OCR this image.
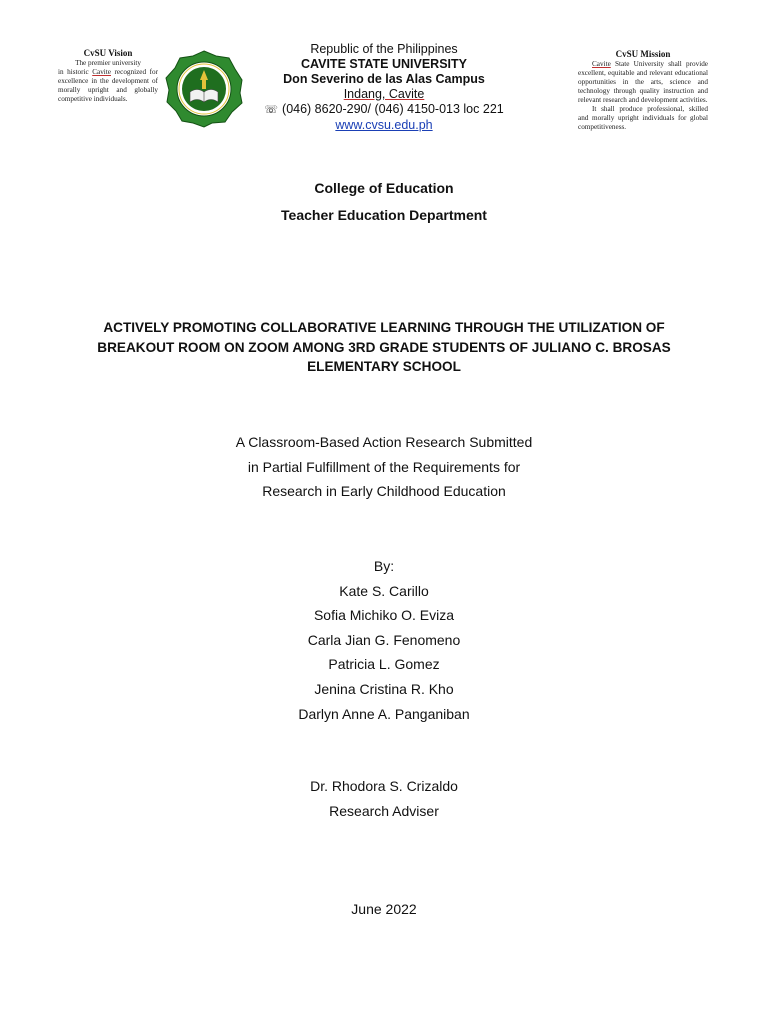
CvSU Vision

The premier university

in historic Cavite recognized for excellence in the development of morally upright and globally competitive individuals.

Republic of the Philippines
CAVITE STATE UNIVERSITY
Don Severino de las Alas Campus
Indang, Cavite
☏ (046) 8620-290/ (046) 4150-013 loc 221
www.cvsu.edu.ph
CvSU Mission

Cavite State University shall provide excellent, equitable and relevant educational opportunities in the arts, science and technology through quality instruction and relevant research and development activities.

It shall produce professional, skilled and morally upright individuals for global competitiveness.

College of Education
Teacher Education Department
ACTIVELY PROMOTING COLLABORATIVE LEARNING THROUGH THE UTILIZATION OF
BREAKOUT ROOM ON ZOOM AMONG 3RD GRADE STUDENTS OF JULIANO C. BROSAS
ELEMENTARY SCHOOL
A Classroom-Based Action Research Submitted
in Partial Fulfillment of the Requirements for
Research in Early Childhood Education
By:
Kate S. Carillo
Sofia Michiko O. Eviza
Carla Jian G. Fenomeno
Patricia L. Gomez
Jenina Cristina R. Kho
Darlyn Anne A. Panganiban
Dr. Rhodora S. Crizaldo
Research Adviser
June 2022
